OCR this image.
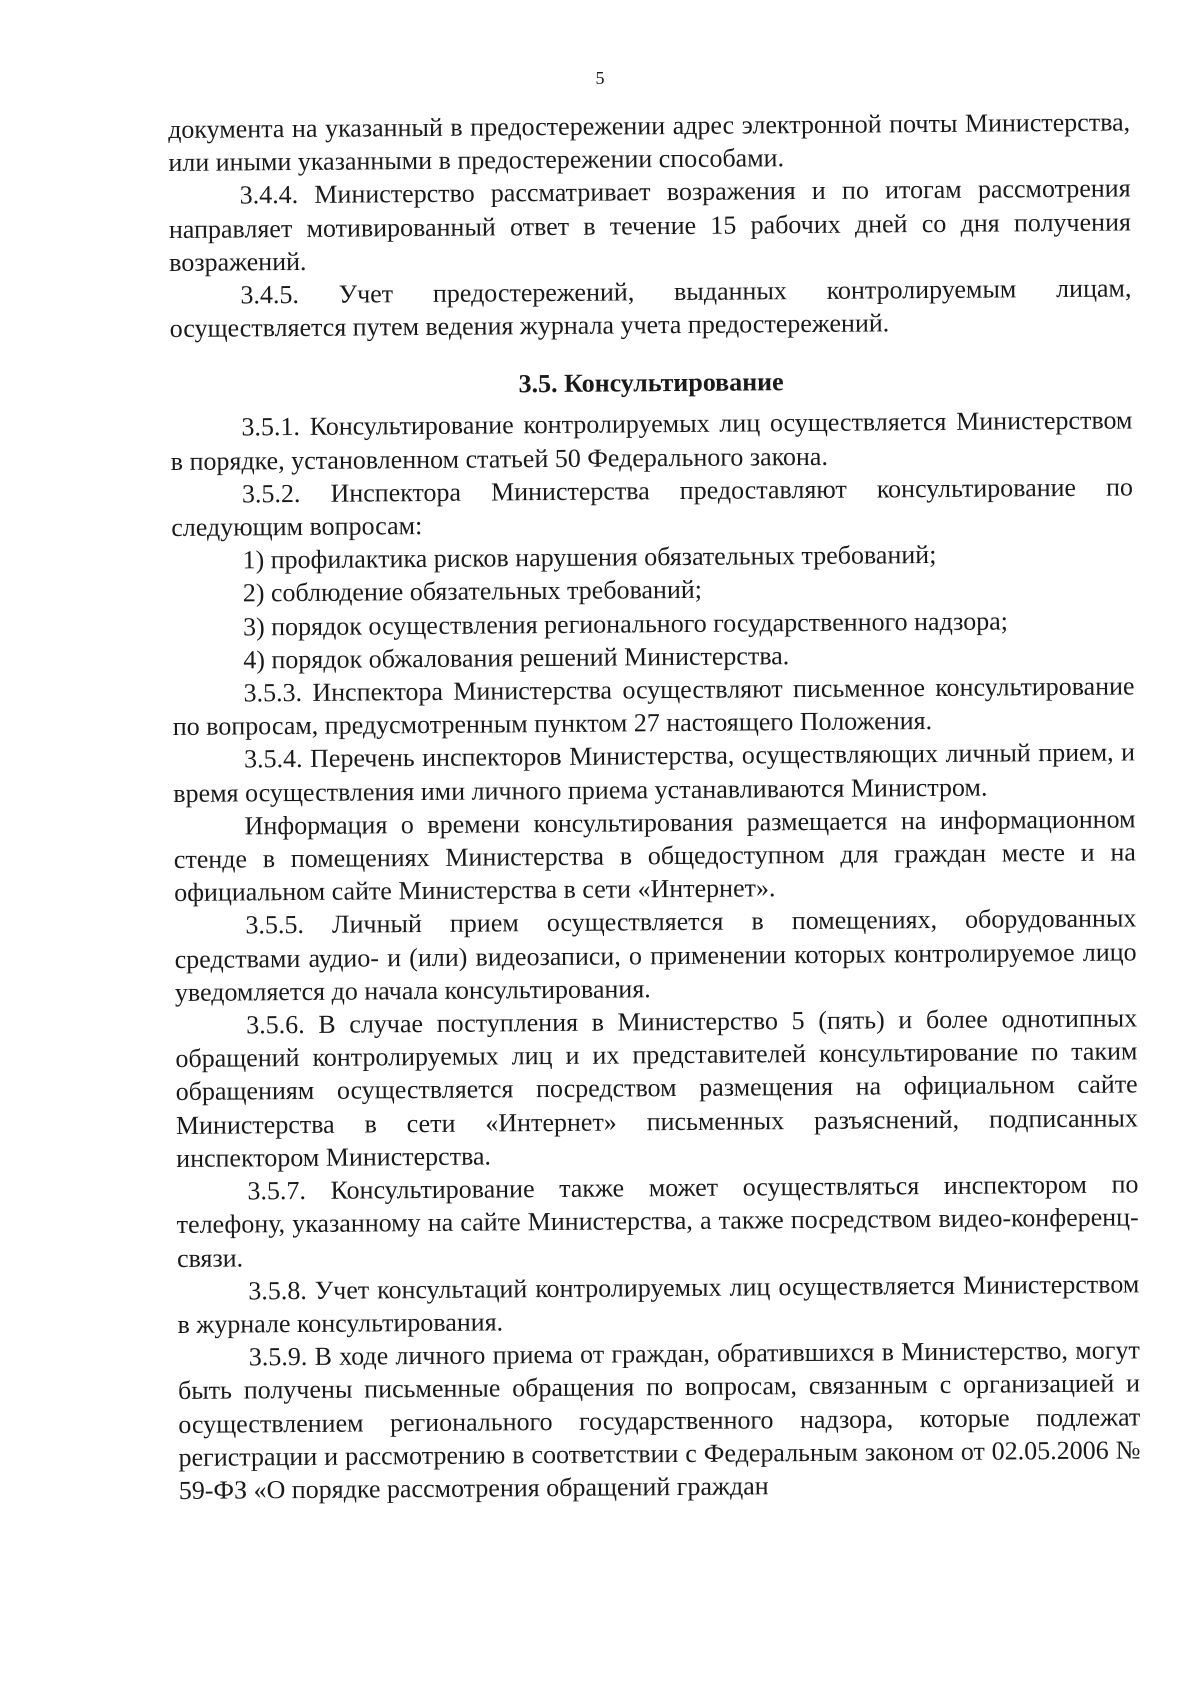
5

документа на указанный в предостережении адрес электронной почты Министерства, или иными указанными в предостережении способами.

3.4.4. Министерство рассматривает возражения и по итогам рассмотрения направляет мотивированный ответ в течение 15 рабочих дней со дня получения возражений.

3.4.5. Учет предостережений, выданных контролируемым лицам, осуществляется путем ведения журнала учета предостережений.

3.5. Консультирование

3.5.1. Консультирование контролируемых лиц осуществляется Министерством в порядке, установленном статьей 50 Федерального закона.

3.5.2. Инспектора Министерства предоставляют консультирование по следующим вопросам:

1) профилактика рисков нарушения обязательных требований;

2) соблюдение обязательных требований;

3) порядок осуществления регионального государственного надзора;

4) порядок обжалования решений Министерства.

3.5.3. Инспектора Министерства осуществляют письменное консультирование по вопросам, предусмотренным пунктом 27 настоящего Положения.

3.5.4. Перечень инспекторов Министерства, осуществляющих личный прием, и время осуществления ими личного приема устанавливаются Министром.

Информация о времени консультирования размещается на информационном стенде в помещениях Министерства в общедоступном для граждан месте и на официальном сайте Министерства в сети «Интернет».

3.5.5. Личный прием осуществляется в помещениях, оборудованных средствами аудио- и (или) видеозаписи, о применении которых контролируемое лицо уведомляется до начала консультирования.

3.5.6. В случае поступления в Министерство 5 (пять) и более однотипных обращений контролируемых лиц и их представителей консультирование по таким обращениям осуществляется посредством размещения на официальном сайте Министерства в сети «Интернет» письменных разъяснений, подписанных инспектором Министерства.

3.5.7. Консультирование также может осуществляться инспектором по телефону, указанному на сайте Министерства, а также посредством видео-конференц-связи.

3.5.8. Учет консультаций контролируемых лиц осуществляется Министерством в журнале консультирования.

3.5.9. В ходе личного приема от граждан, обратившихся в Министерство, могут быть получены письменные обращения по вопросам, связанным с организацией и осуществлением регионального государственного надзора, которые подлежат регистрации и рассмотрению в соответствии с Федеральным законом от 02.05.2006 № 59-ФЗ «О порядке рассмотрения обращений граждан
